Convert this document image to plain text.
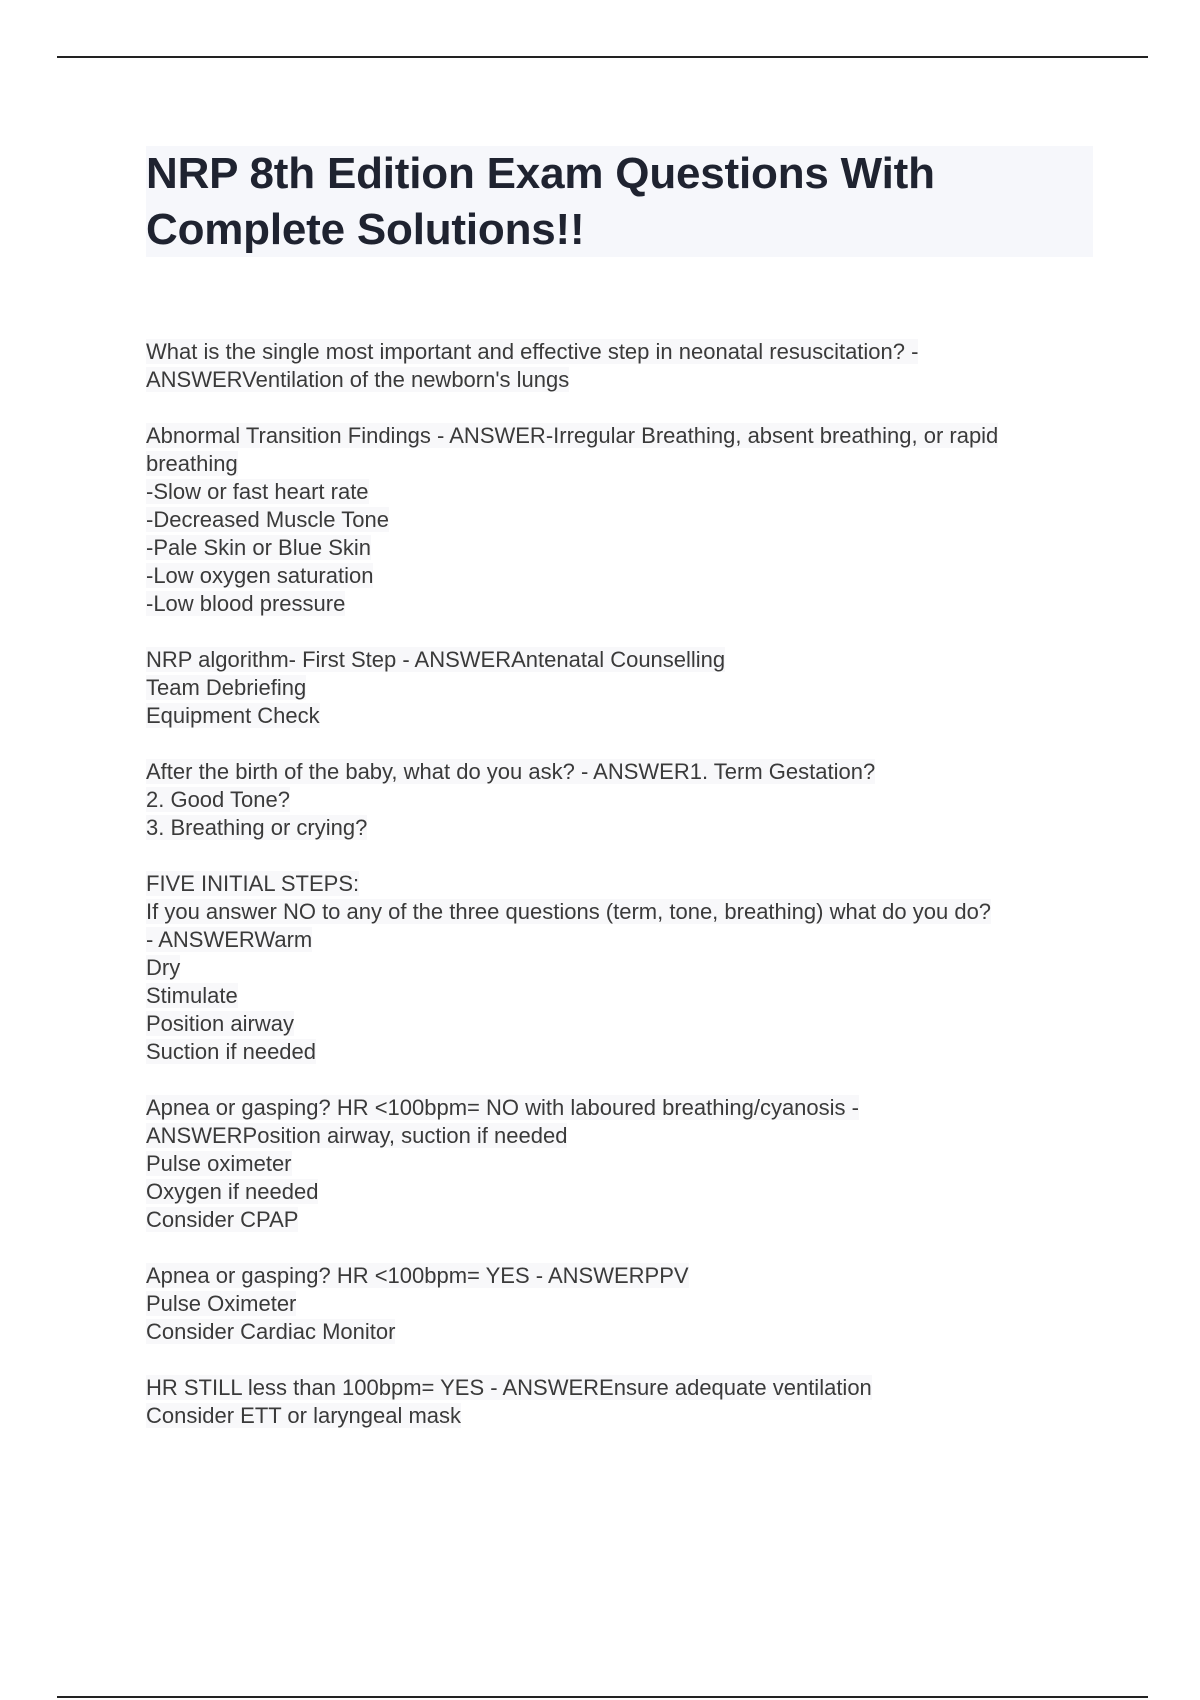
NRP 8th Edition Exam Questions With Complete Solutions!!
What is the single most important and effective step in neonatal resuscitation? -
ANSWERVentilation of the newborn's lungs
Abnormal Transition Findings - ANSWER-Irregular Breathing, absent breathing, or rapid
breathing
-Slow or fast heart rate
-Decreased Muscle Tone
-Pale Skin or Blue Skin
-Low oxygen saturation
-Low blood pressure
NRP algorithm- First Step - ANSWERAntenatal Counselling
Team Debriefing
Equipment Check
After the birth of the baby, what do you ask? - ANSWER1. Term Gestation?
2. Good Tone?
3. Breathing or crying?
FIVE INITIAL STEPS:
If you answer NO to any of the three questions (term, tone, breathing) what do you do?
- ANSWERWarm
Dry
Stimulate
Position airway
Suction if needed
Apnea or gasping? HR <100bpm= NO with laboured breathing/cyanosis -
ANSWERPosition airway, suction if needed
Pulse oximeter
Oxygen if needed
Consider CPAP
Apnea or gasping? HR <100bpm= YES - ANSWERPPV
Pulse Oximeter
Consider Cardiac Monitor
HR STILL less than 100bpm= YES - ANSWEREnsure adequate ventilation
Consider ETT or laryngeal mask
